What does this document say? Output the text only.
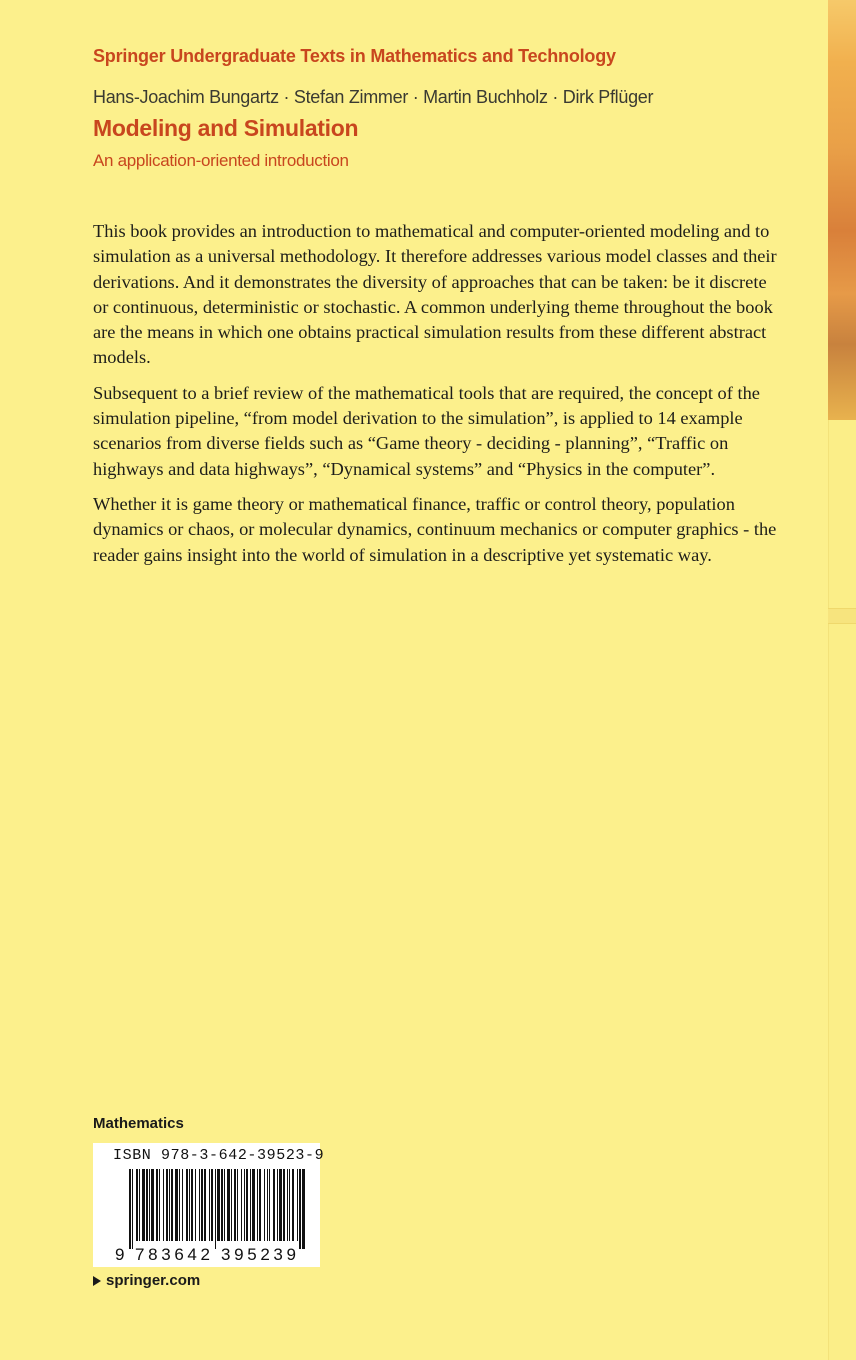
Springer Undergraduate Texts in Mathematics and Technology
Hans-Joachim Bungartz · Stefan Zimmer · Martin Buchholz · Dirk Pflüger
Modeling and Simulation
An application-oriented introduction

This book provides an introduction to mathematical and computer-oriented modeling and to simulation as a universal methodology. It therefore addresses various model classes and their derivations. And it demonstrates the diversity of approaches that can be taken: be it discrete or continuous, deterministic or stochastic. A common underlying theme throughout the book are the means in which one obtains practical simulation results from these different abstract models.

Subsequent to a brief review of the mathematical tools that are required, the concept of the simulation pipeline, “from model derivation to the simulation”, is applied to 14 example scenarios from diverse fields such as “Game theory - deciding - planning”, “Traffic on highways and data highways”, “Dynamical systems” and “Physics in the computer”.

Whether it is game theory or mathematical finance, traffic or control theory, population dynamics or chaos, or molecular dynamics, continuum mechanics or computer graphics - the reader gains insight into the world of simulation in a descriptive yet systematic way.

Mathematics
ISBN 978-3-642-39523-9
9 783642 395239
springer.com
